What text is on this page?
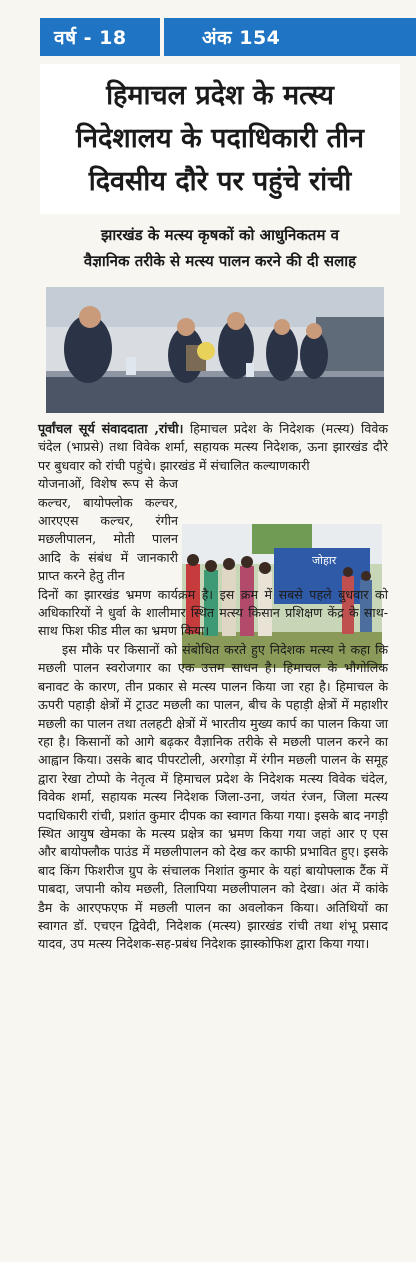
वर्ष - 18	अंक 154
हिमाचल प्रदेश के मत्स्य
निदेशालय के पदाधिकारी तीन
दिवसीय दौरे पर पहुंचे रांची
झारखंड के मत्स्य कृषकों को आधुनिकतम व
वैज्ञानिक तरीके से मत्स्य पालन करने की दी सलाह
जोहार

पूर्वांचल सूर्य संवाददाता ,रांची। हिमाचल प्रदेश के निदेशक (मत्स्य) विवेक चंदेल (भाप्रसे) तथा विवेक शर्मा, सहायक मत्स्य निदेशक, ऊना झारखंड दौरे पर बुधवार को रांची पहुंचे। झारखंड में संचालित कल्याणकारी

योजनाओं, विशेष रूप से केज कल्चर, बायोफ्लोक कल्चर, आरएएस कल्चर, रंगीन मछलीपालन, मोती पालन आदि के संबंध में जानकारी प्राप्त करने हेतु तीन

दिनों का झारखंड भ्रमण कार्यक्रम है। इस क्रम में सबसे पहले बुधवार को अधिकारियों ने धुर्वा के शालीमार स्थित मत्स्य किसान प्रशिक्षण केंद्र के साथ-साथ फिश फीड मील का भ्रमण किया।

इस मौके पर किसानों को संबोधित करते हुए निदेशक मत्स्य ने कहा कि मछली पालन स्वरोजगार का एक उत्तम साधन है। हिमाचल के भौगोलिक बनावट के कारण, तीन प्रकार से मत्स्य पालन किया जा रहा है। हिमाचल के ऊपरी पहाड़ी क्षेत्रों में ट्राउट मछली का पालन, बीच के पहाड़ी क्षेत्रों में महाशीर मछली का पालन तथा तलहटी क्षेत्रों में भारतीय मुख्य कार्प का पालन किया जा रहा है। किसानों को आगे बढ़कर वैज्ञानिक तरीके से मछली पालन करने का आह्वान किया। उसके बाद पीपरटोली, अरगोड़ा में रंगीन मछली पालन के समूह द्वारा रेखा टोप्पो के नेतृत्व में हिमाचल प्रदेश के निदेशक मत्स्य विवेक चंदेल, विवेक शर्मा, सहायक मत्स्य निदेशक जिला-उना, जयंत रंजन, जिला मत्स्य पदाधिकारी रांची, प्रशांत कुमार दीपक का स्वागत किया गया। इसके बाद नगड़ी स्थित आयुष खेमका के मत्स्य प्रक्षेत्र का भ्रमण किया गया जहां आर ए एस और बायोफ्लौक पाउंड में मछलीपालन को देख कर काफी प्रभावित हुए। इसके बाद किंग फिशरीज ग्रुप के संचालक निशांत कुमार के यहां बायोफ्लाक टैंक में पाबदा, जपानी कोय मछली, तिलापिया मछलीपालन को देखा। अंत में कांके डैम के आरएफएफ में मछली पालन का अवलोकन किया। अतिथियों का स्वागत डॉ. एचएन द्विवेदी, निदेशक (मत्स्य) झारखंड रांची तथा शंभू प्रसाद यादव, उप मत्स्य निदेशक-सह-प्रबंध निदेशक झास्कोफिश द्वारा किया गया।
